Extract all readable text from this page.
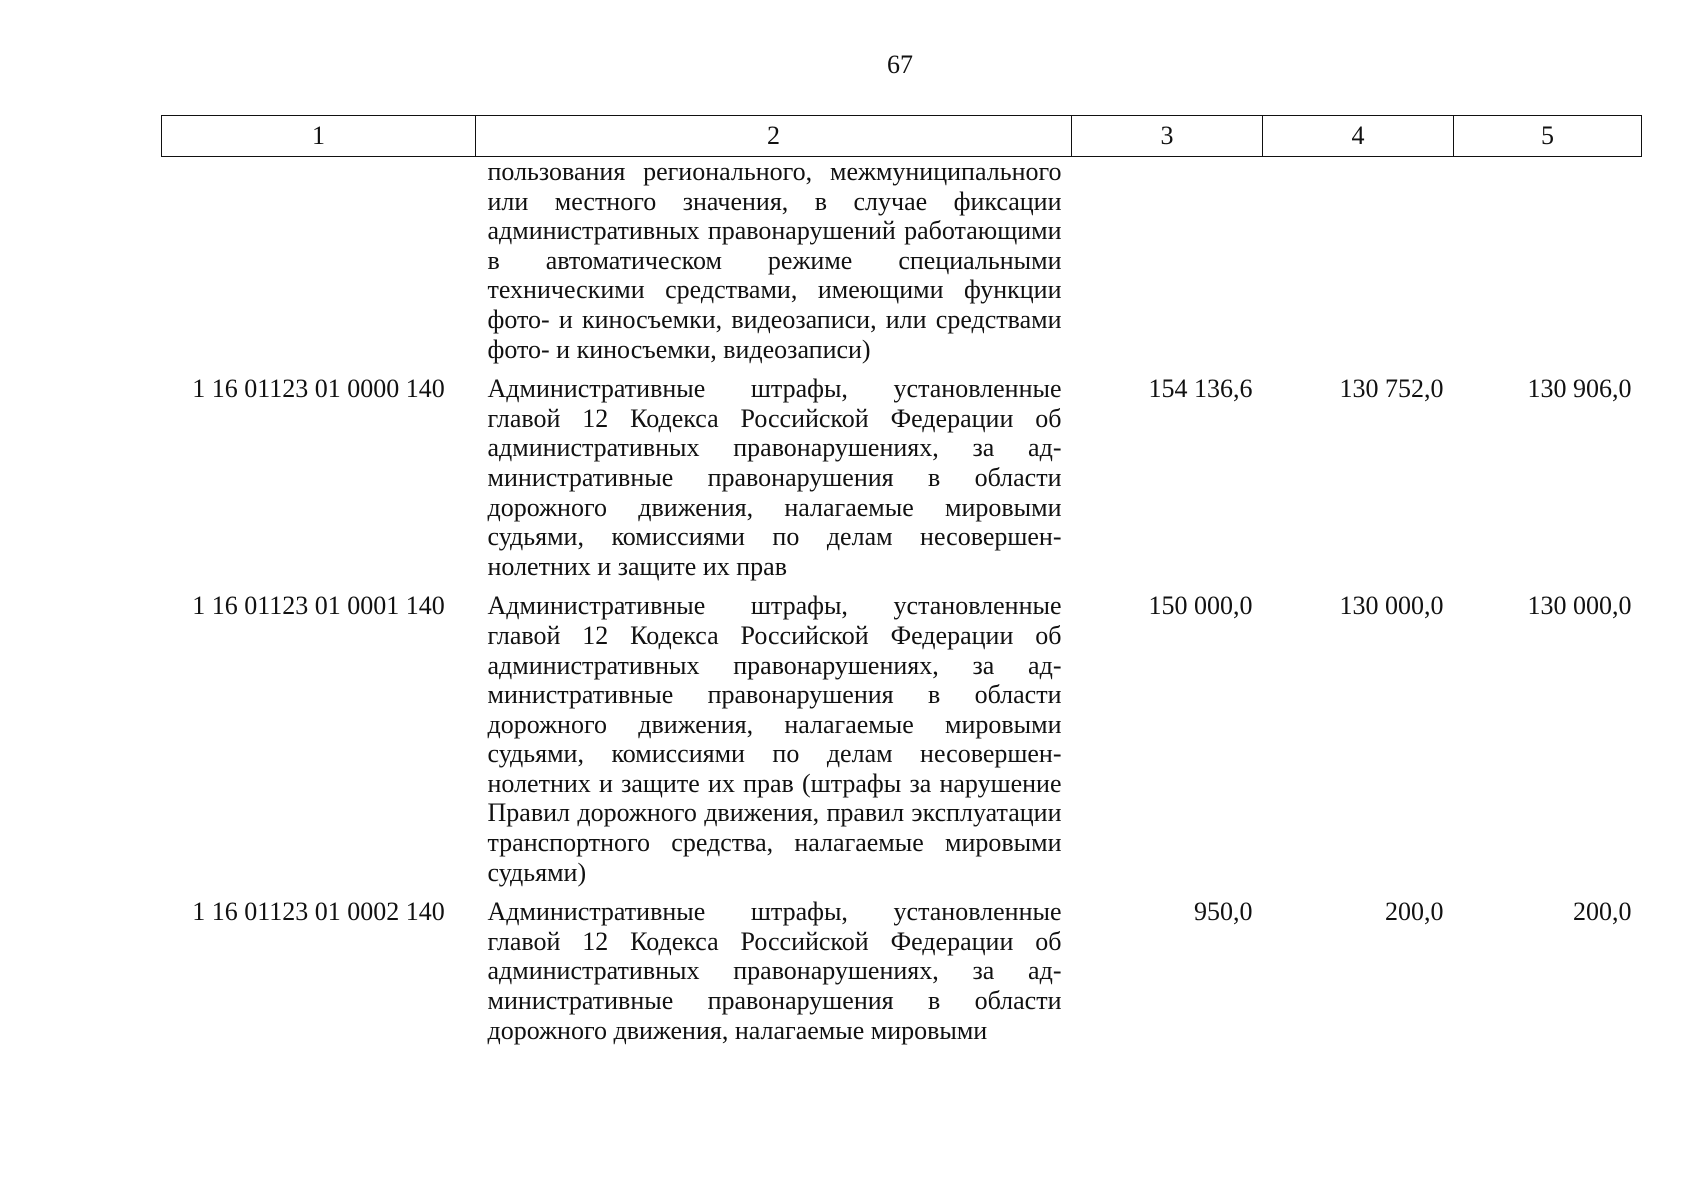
67
1	2	3	4	5
	пользования регионального, межмуниципального или местного значения, в случае фиксации административных правонарушений работающими в автоматическом режиме специальными техническими средствами, имеющими функции фото- и киносъемки, видеозаписи, или средствами фото- и киносъемки, видеозаписи)			
1 16 01123 01 0000 140	Административные штрафы, установленные главой 12 Кодекса Российской Федерации об административных правонарушениях, за административные правонарушения в области дорожного движения, налагаемые мировыми судьями, комиссиями по делам несовершеннолетних и защите их прав	154 136,6	130 752,0	130 906,0
1 16 01123 01 0001 140	Административные штрафы, установленные главой 12 Кодекса Российской Федерации об административных правонарушениях, за административные правонарушения в области дорожного движения, налагаемые мировыми судьями, комиссиями по делам несовершеннолетних и защите их прав (штрафы за нарушение Правил дорожного движения, правил эксплуатации транспортного средства, налагаемые мировыми судьями)	150 000,0	130 000,0	130 000,0
1 16 01123 01 0002 140	Административные штрафы, установленные главой 12 Кодекса Российской Федерации об административных правонарушениях, за административные правонарушения в области дорожного движения, налагаемые мировыми	950,0	200,0	200,0
